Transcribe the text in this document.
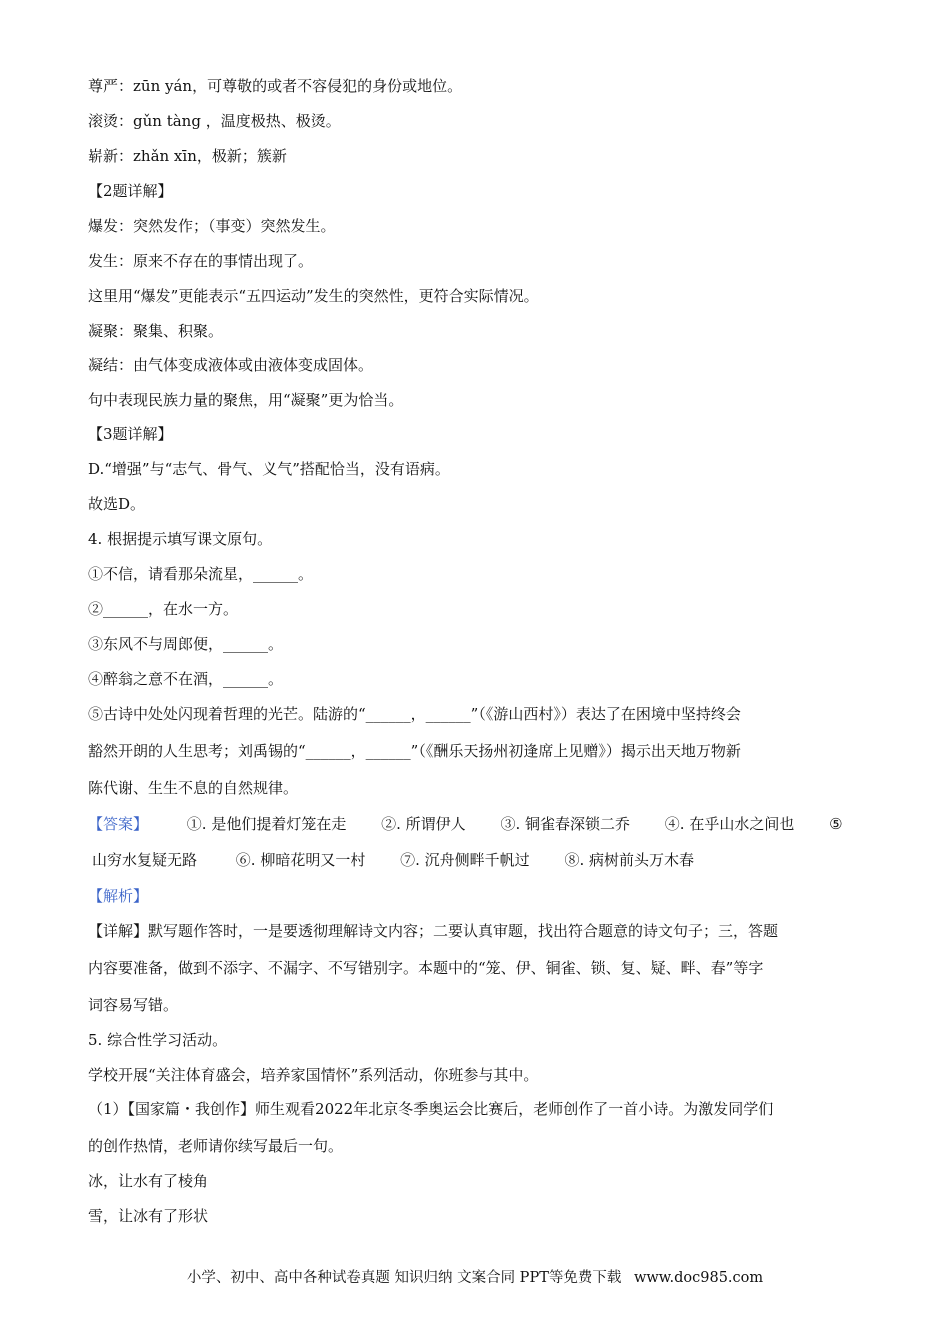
尊严：zūn yán，可尊敬的或者不容侵犯的身份或地位。
滚烫：gǔn tàng ，温度极热、极烫。
崭新：zhǎn xīn，极新；簇新
【2题详解】
爆发：突然发作；（事变）突然发生。
发生：原来不存在的事情出现了。
这里用“爆发”更能表示“五四运动”发生的突然性，更符合实际情况。
凝聚：聚集、积聚。
凝结：由气体变成液体或由液体变成固体。
句中表现民族力量的聚焦，用“凝聚”更为恰当。
【3题详解】
D.“增强”与“志气、骨气、义气”搭配恰当，没有语病。
故选D。
4. 根据提示填写课文原句。
①不信，请看那朵流星，______。
②______，在水一方。
③东风不与周郎便，______。
④醉翁之意不在酒，______。
⑤古诗中处处闪现着哲理的光芒。陆游的“______，______”（《游山西村》）表达了在困境中坚持终会
豁然开朗的人生思考；刘禹锡的“______，______”（《酬乐天扬州初逢席上见赠》）揭示出天地万物新
陈代谢、生生不息的自然规律。
【答案】	①. 是他们提着灯笼在走 ②. 所谓伊人 ③. 铜雀春深锁二乔 ④. 在乎山水之间也 ⑤
山穷水复疑无路	⑥. 柳暗花明又一村 ⑦. 沉舟侧畔千帆过 ⑧. 病树前头万木春
【解析】
【详解】默写题作答时，一是要透彻理解诗文内容；二要认真审题，找出符合题意的诗文句子；三，答题
内容要准备，做到不添字、不漏字、不写错别字。本题中的“笼、伊、铜雀、锁、复、疑、畔、春”等字
词容易写错。
5. 综合性学习活动。
学校开展“关注体育盛会，培养家国情怀”系列活动，你班参与其中。
（1）【国家篇・我创作】师生观看2022年北京冬季奥运会比赛后，老师创作了一首小诗。为激发同学们
的创作热情，老师请你续写最后一句。
冰，让水有了棱角
雪，让冰有了形状
小学、初中、高中各种试卷真题 知识归纳 文案合同 PPT等免费下载 www.doc985.com
